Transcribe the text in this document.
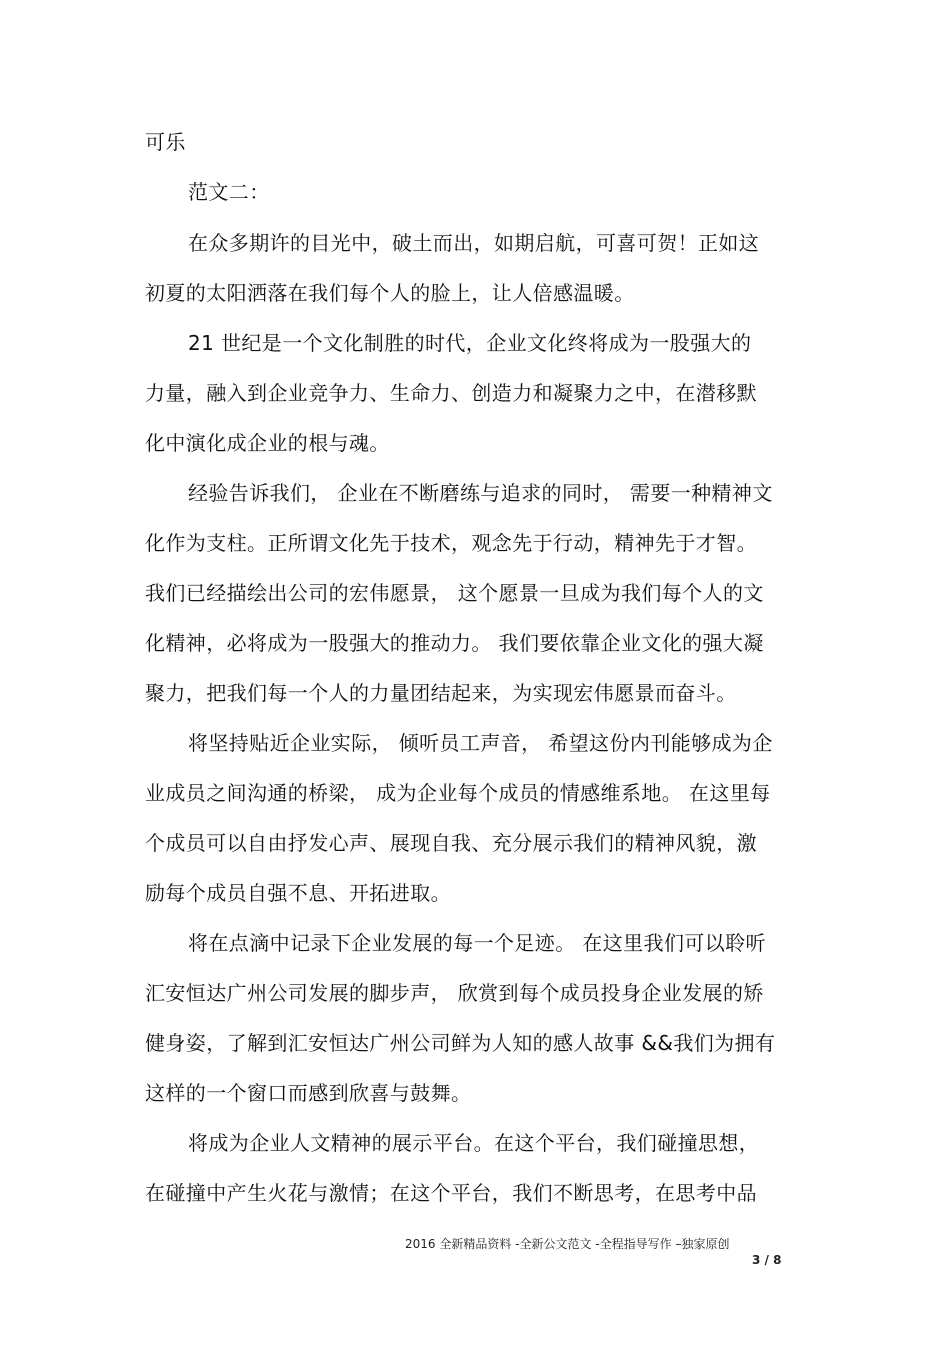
可乐
范文二：
在众多期许的目光中，破土而出，如期启航，可喜可贺！正如这
初夏的太阳洒落在我们每个人的脸上，让人倍感温暖。
21 世纪是一个文化制胜的时代，企业文化终将成为一股强大的
力量，融入到企业竞争力、生命力、创造力和凝聚力之中，在潜移默
化中演化成企业的根与魂。
经验告诉我们， 企业在不断磨练与追求的同时， 需要一种精神文
化作为支柱。正所谓文化先于技术，观念先于行动，精神先于才智。
我们已经描绘出公司的宏伟愿景， 这个愿景一旦成为我们每个人的文
化精神，必将成为一股强大的推动力。 我们要依靠企业文化的强大凝
聚力，把我们每一个人的力量团结起来，为实现宏伟愿景而奋斗。
将坚持贴近企业实际， 倾听员工声音， 希望这份内刊能够成为企
业成员之间沟通的桥梁， 成为企业每个成员的情感维系地。 在这里每
个成员可以自由抒发心声、展现自我、充分展示我们的精神风貌，激
励每个成员自强不息、开拓进取。
将在点滴中记录下企业发展的每一个足迹。 在这里我们可以聆听
汇安恒达广州公司发展的脚步声， 欣赏到每个成员投身企业发展的矫
健身姿，了解到汇安恒达广州公司鲜为人知的感人故事 &&我们为拥有
这样的一个窗口而感到欣喜与鼓舞。
将成为企业人文精神的展示平台。在这个平台，我们碰撞思想，
在碰撞中产生火花与激情；在这个平台，我们不断思考，在思考中品
2016 全新精品资料 -全新公文范文 -全程指导写作 –独家原创
3 / 8
